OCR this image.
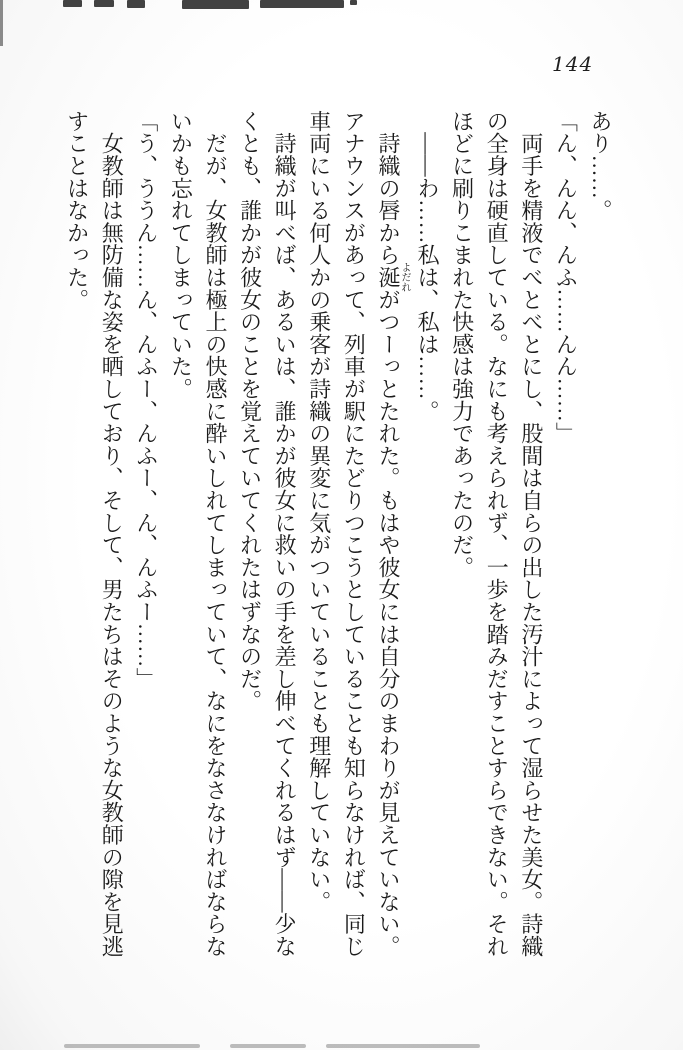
144

あり……。

「ん、んん、んふ……んん……」

　両手を精液でべとべとにし、股間は自らの出した汚汁によって湿らせた美女。詩織

の全身は硬直している。なにも考えられず、一歩を踏みだすことすらできない。それ

ほどに刷りこまれた快感は強力であったのだ。

　――わ……私は、私は……。

　詩織の唇から涎よだれがつーっとたれた。もはや彼女には自分のまわりが見えていない。

アナウンスがあって、列車が駅にたどりつこうとしていることも知らなければ、同じ

車両にいる何人かの乗客が詩織の異変に気がついていることも理解していない。

　詩織が叫べば、あるいは、誰かが彼女に救いの手を差し伸べてくれるはず――少な

くとも、誰かが彼女のことを覚えていてくれたはずなのだ。

　だが、女教師は極上の快感に酔いしれてしまっていて、なにをなさなければならな

いかも忘れてしまっていた。

「う、ううん……ん、んふー、んふー、ん、んふー……」

　女教師は無防備な姿を晒しており、そして、男たちはそのような女教師の隙を見逃

すことはなかった。
